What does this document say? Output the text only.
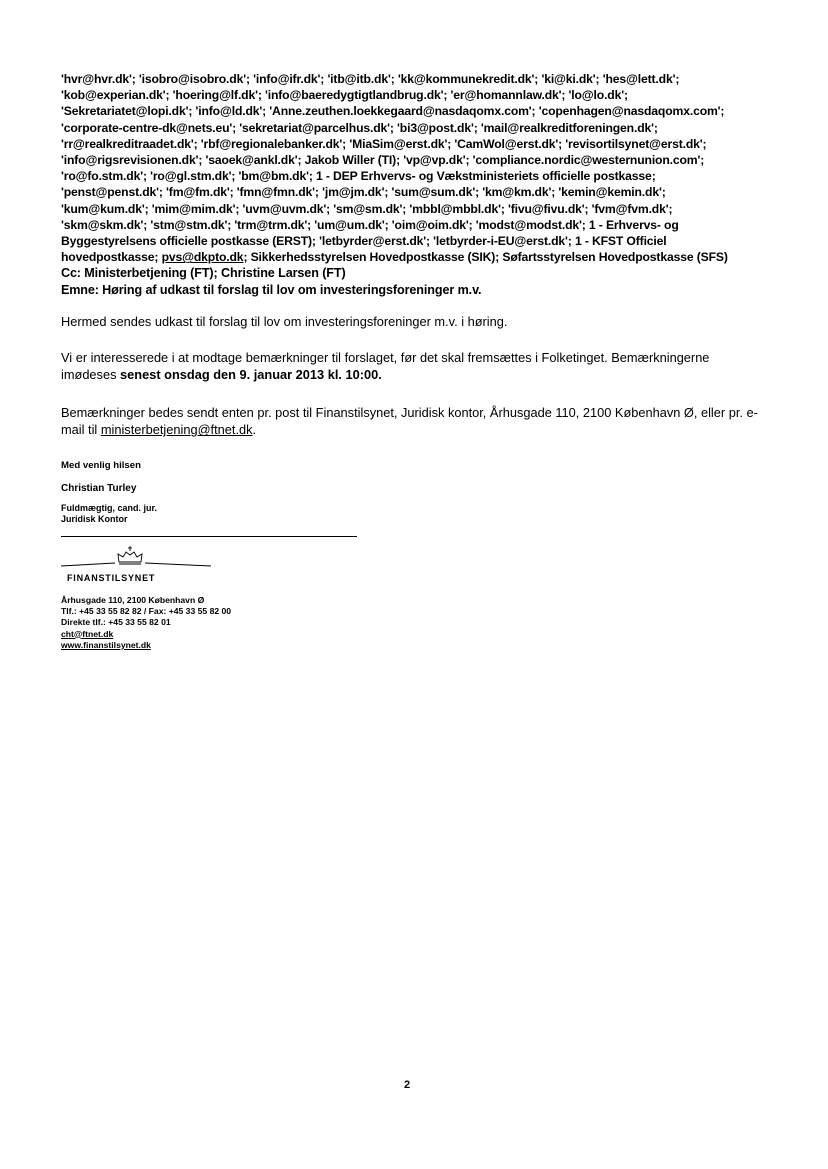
'hvr@hvr.dk'; 'isobro@isobro.dk'; 'info@ifr.dk'; 'itb@itb.dk'; 'kk@kommunekredit.dk'; 'ki@ki.dk'; 'hes@lett.dk';
'kob@experian.dk'; 'hoering@lf.dk'; 'info@baeredygtigtlandbrug.dk'; 'er@homannlaw.dk'; 'lo@lo.dk';
'Sekretariatet@lopi.dk'; 'info@ld.dk'; 'Anne.zeuthen.loekkegaard@nasdaqomx.com'; 'copenhagen@nasdaqomx.com';
'corporate-centre-dk@nets.eu'; 'sekretariat@parcelhus.dk'; 'bi3@post.dk'; 'mail@realkreditforeningen.dk';
'rr@realkreditraadet.dk'; 'rbf@regionalebanker.dk'; 'MiaSim@erst.dk'; 'CamWol@erst.dk'; 'revisortilsynet@erst.dk';
'info@rigsrevisionen.dk'; 'saoek@ankl.dk'; Jakob Willer (TI); 'vp@vp.dk'; 'compliance.nordic@westernunion.com';
'ro@fo.stm.dk'; 'ro@gl.stm.dk'; 'bm@bm.dk'; 1 - DEP Erhvervs- og Vækstministeriets officielle postkasse;
'penst@penst.dk'; 'fm@fm.dk'; 'fmn@fmn.dk'; 'jm@jm.dk'; 'sum@sum.dk'; 'km@km.dk'; 'kemin@kemin.dk';
'kum@kum.dk'; 'mim@mim.dk'; 'uvm@uvm.dk'; 'sm@sm.dk'; 'mbbl@mbbl.dk'; 'fivu@fivu.dk'; 'fvm@fvm.dk';
'skm@skm.dk'; 'stm@stm.dk'; 'trm@trm.dk'; 'um@um.dk'; 'oim@oim.dk'; 'modst@modst.dk'; 1 - Erhvervs- og
Byggestyrelsens officielle postkasse (ERST); 'letbyrder@erst.dk'; 'letbyrder-i-EU@erst.dk'; 1 - KFST Officiel
hovedpostkasse; pvs@dkpto.dk; Sikkerhedsstyrelsen Hovedpostkasse (SIK); Søfartsstyrelsen Hovedpostkasse (SFS)
Cc: Ministerbetjening (FT); Christine Larsen (FT)
Emne: Høring af udkast til forslag til lov om investeringsforeninger m.v.

Hermed sendes udkast til forslag til lov om investeringsforeninger m.v. i høring.

Vi er interesserede i at modtage bemærkninger til forslaget, før det skal fremsættes i Folketinget. Bemærkningerne imødeses senest onsdag den 9. januar 2013 kl. 10:00.

Bemærkninger bedes sendt enten pr. post til Finanstilsynet, Juridisk kontor, Århusgade 110, 2100 København Ø, eller pr. e-mail til ministerbetjening@ftnet.dk.

Med venlig hilsen
Christian Turley
Fuldmægtig, cand. jur.
Juridisk Kontor
FINANSTILSYNET
Århusgade 110, 2100 København Ø
Tlf.: +45 33 55 82 82 / Fax: +45 33 55 82 00
Direkte tlf.: +45 33 55 82 01
cht@ftnet.dk
www.finanstilsynet.dk
2
